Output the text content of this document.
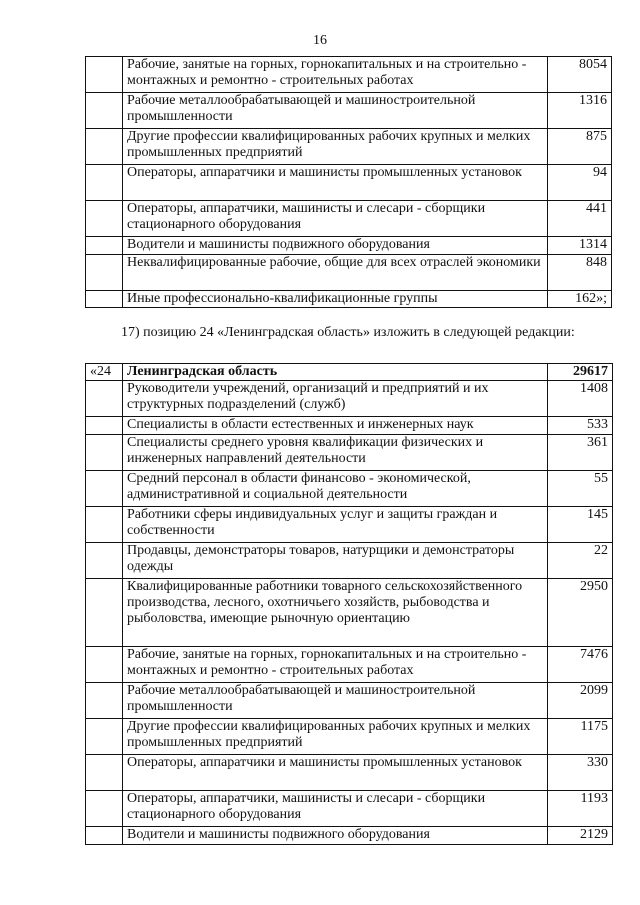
16
	Рабочие, занятые на горных, горнокапитальных и на строительно - монтажных и ремонтно - строительных работах	8054
	Рабочие металлообрабатывающей и машиностроительной промышленности	1316
	Другие профессии квалифицированных рабочих крупных и мелких промышленных предприятий	875
	Операторы, аппаратчики и машинисты промышленных установок	94
	Операторы, аппаратчики, машинисты и слесари - сборщики стационарного оборудования	441
	Водители и машинисты подвижного оборудования	1314
	Неквалифицированные рабочие, общие для всех отраслей экономики	848
	Иные профессионально-квалификационные группы	162»;
17) позицию 24 «Ленинградская область» изложить в следующей редакции:
«24	Ленинградская область	29617
	Руководители учреждений, организаций и предприятий и их структурных подразделений (служб)	1408
	Специалисты в области естественных и инженерных наук	533
	Специалисты среднего уровня квалификации физических и инженерных направлений деятельности	361
	Средний персонал в области финансово - экономической, административной и социальной деятельности	55
	Работники сферы индивидуальных услуг и защиты граждан и собственности	145
	Продавцы, демонстраторы товаров, натурщики и демонстраторы одежды	22
	Квалифицированные работники товарного сельскохозяйственного производства, лесного, охотничьего хозяйств, рыбоводства и рыболовства, имеющие рыночную ориентацию	2950
	Рабочие, занятые на горных, горнокапитальных и на строительно - монтажных и ремонтно - строительных работах	7476
	Рабочие металлообрабатывающей и машиностроительной промышленности	2099
	Другие профессии квалифицированных рабочих крупных и мелких промышленных предприятий	1175
	Операторы, аппаратчики и машинисты промышленных установок	330
	Операторы, аппаратчики, машинисты и слесари - сборщики стационарного оборудования	1193
	Водители и машинисты подвижного оборудования	2129
